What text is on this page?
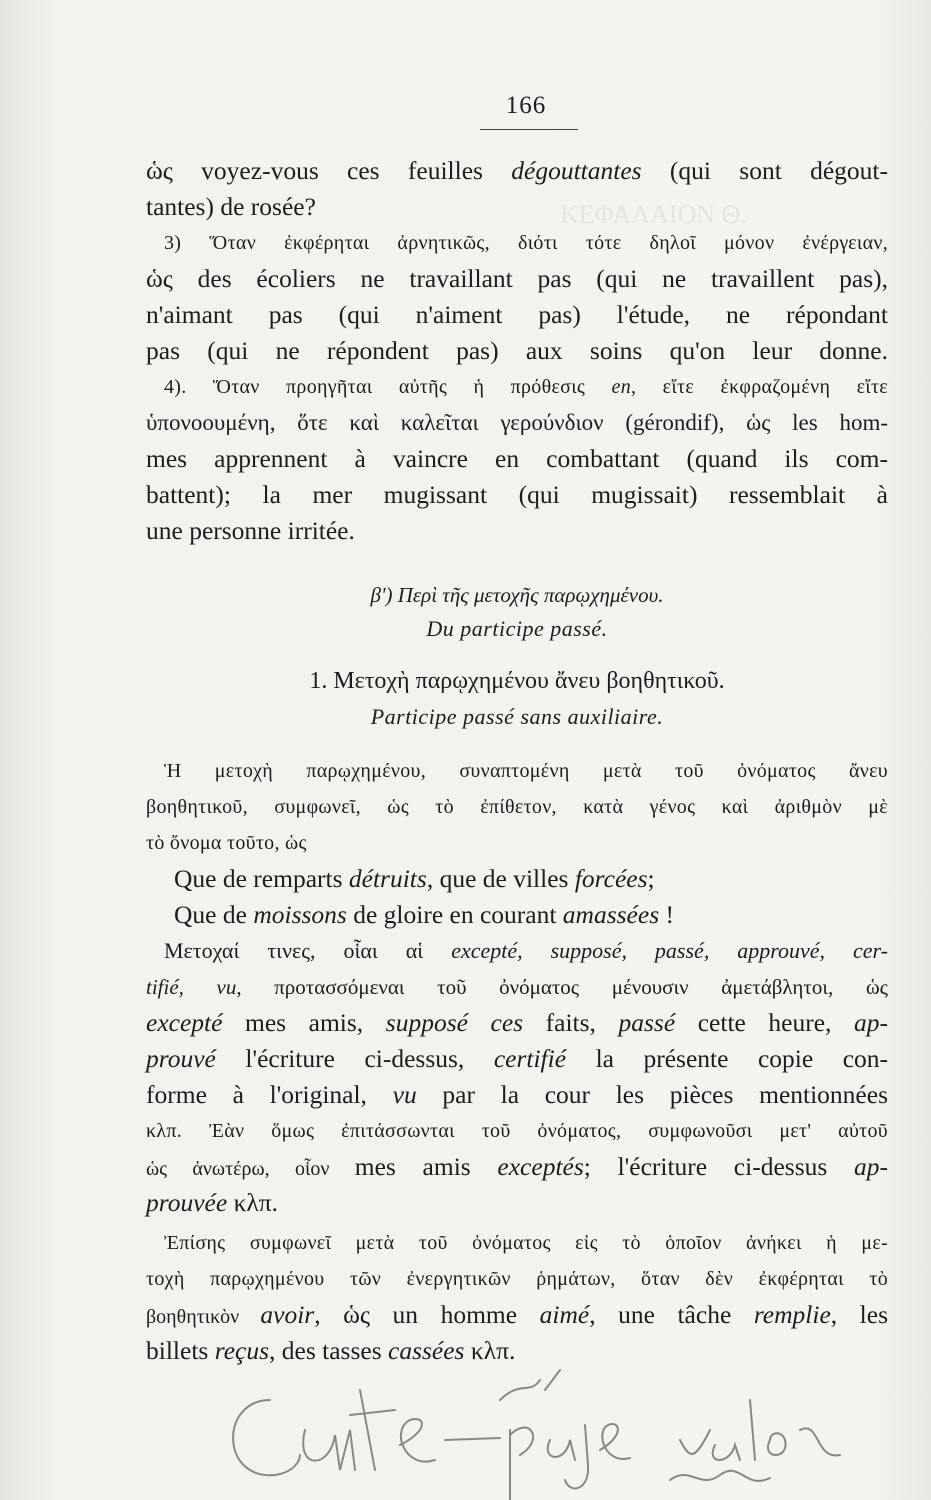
ΚΕΦΑΛΑΙΟΝ Θ.
166
ὡς voyez-vous ces feuilles dégouttantes (qui sont dégout-
tantes) de rosée?
3) Ὅταν ἐκφέρηται ἀρνητικῶς, διότι τότε δηλοῖ μόνον ἐνέργειαν,
ὡς des écoliers ne travaillant pas (qui ne travaillent pas),
n'aimant pas (qui n'aiment pas) l'étude, ne répondant
pas (qui ne répondent pas) aux soins qu'on leur donne.
4). Ὅταν προηγῆται αὐτῆς ἡ πρόθεσις en, εἴτε ἐκφραζομένη εἴτε
ὑπονοουμένη, ὅτε καὶ καλεῖται γερούνδιον (gérondif), ὡς les hom-
mes apprennent à vaincre en combattant (quand ils com-
battent); la mer mugissant (qui mugissait) ressemblait à
une personne irritée.
β') Περὶ τῆς μετοχῆς παρῳχημένου.
Du participe passé.
1. Μετοχὴ παρῳχημένου ἄνευ βοηθητικοῦ.
Participe passé sans auxiliaire.
Ἡ μετοχὴ παρῳχημένου, συναπτομένη μετὰ τοῦ ὀνόματος ἄνευ
βοηθητικοῦ, συμφωνεῖ, ὡς τὸ ἐπίθετον, κατὰ γένος καὶ ἀριθμὸν μὲ
τὸ ὄνομα τοῦτο, ὡς
Que de remparts détruits, que de villes forcées;
Que de moissons de gloire en courant amassées !
Μετοχαί τινες, οἷαι αἱ excepté, supposé, passé, approuvé, cer-
tifié, vu, προτασσόμεναι τοῦ ὀνόματος μένουσιν ἀμετάβλητοι, ὡς
excepté mes amis, supposé ces faits, passé cette heure, ap-
prouvé l'écriture ci-dessus, certifié la présente copie con-
forme à l'original, vu par la cour les pièces mentionnées
κλπ. Ἐὰν ὅμως ἐπιτάσσωνται τοῦ ὀνόματος, συμφωνοῦσι μετ' αὐτοῦ
ὡς ἀνωτέρω, οἷον mes amis exceptés; l'écriture ci-dessus ap-
prouvée κλπ.
Ἐπίσης συμφωνεῖ μετὰ τοῦ ὀνόματος εἰς τὸ ὁποῖον ἀνήκει ἡ με-
τοχὴ παρῳχημένου τῶν ἐνεργητικῶν ῥημάτων, ὅταν δὲν ἐκφέρηται τὸ
βοηθητικὸν avoir, ὡς un homme aimé, une tâche remplie, les
billets reçus, des tasses cassées κλπ.
